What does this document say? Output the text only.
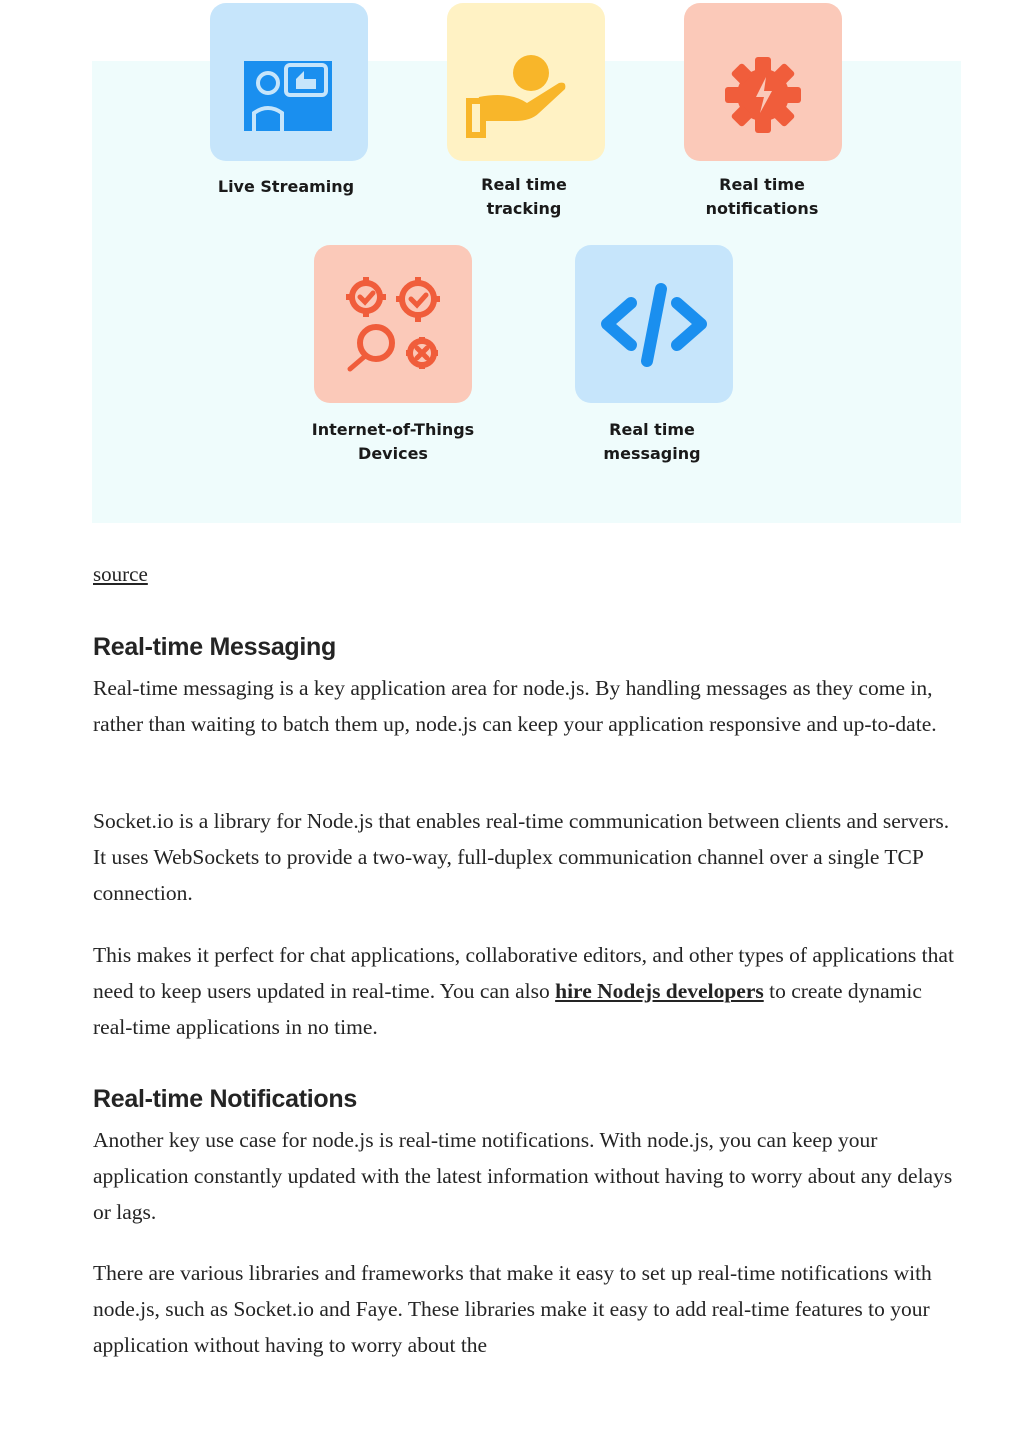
Live Streaming	Real time
tracking
Real time
notifications
Internet-of-Things
Devices
Real time
messaging
source
Real-time Messaging

Real-time messaging is a key application area for node.js. By handling messages as they come in, rather than waiting to batch them up, node.js can keep your application responsive and up-to-date.

Socket.io is a library for Node.js that enables real-time communication between clients and servers. It uses WebSockets to provide a two-way, full-duplex communication channel over a single TCP connection.

This makes it perfect for chat applications, collaborative editors, and other types of applications that need to keep users updated in real-time. You can also hire Nodejs developers to create dynamic real-time applications in no time.

Real-time Notifications

Another key use case for node.js is real-time notifications. With node.js, you can keep your application constantly updated with the latest information without having to worry about any delays or lags.

There are various libraries and frameworks that make it easy to set up real-time notifications with node.js, such as Socket.io and Faye. These libraries make it easy to add real-time features to your application without having to worry about the
